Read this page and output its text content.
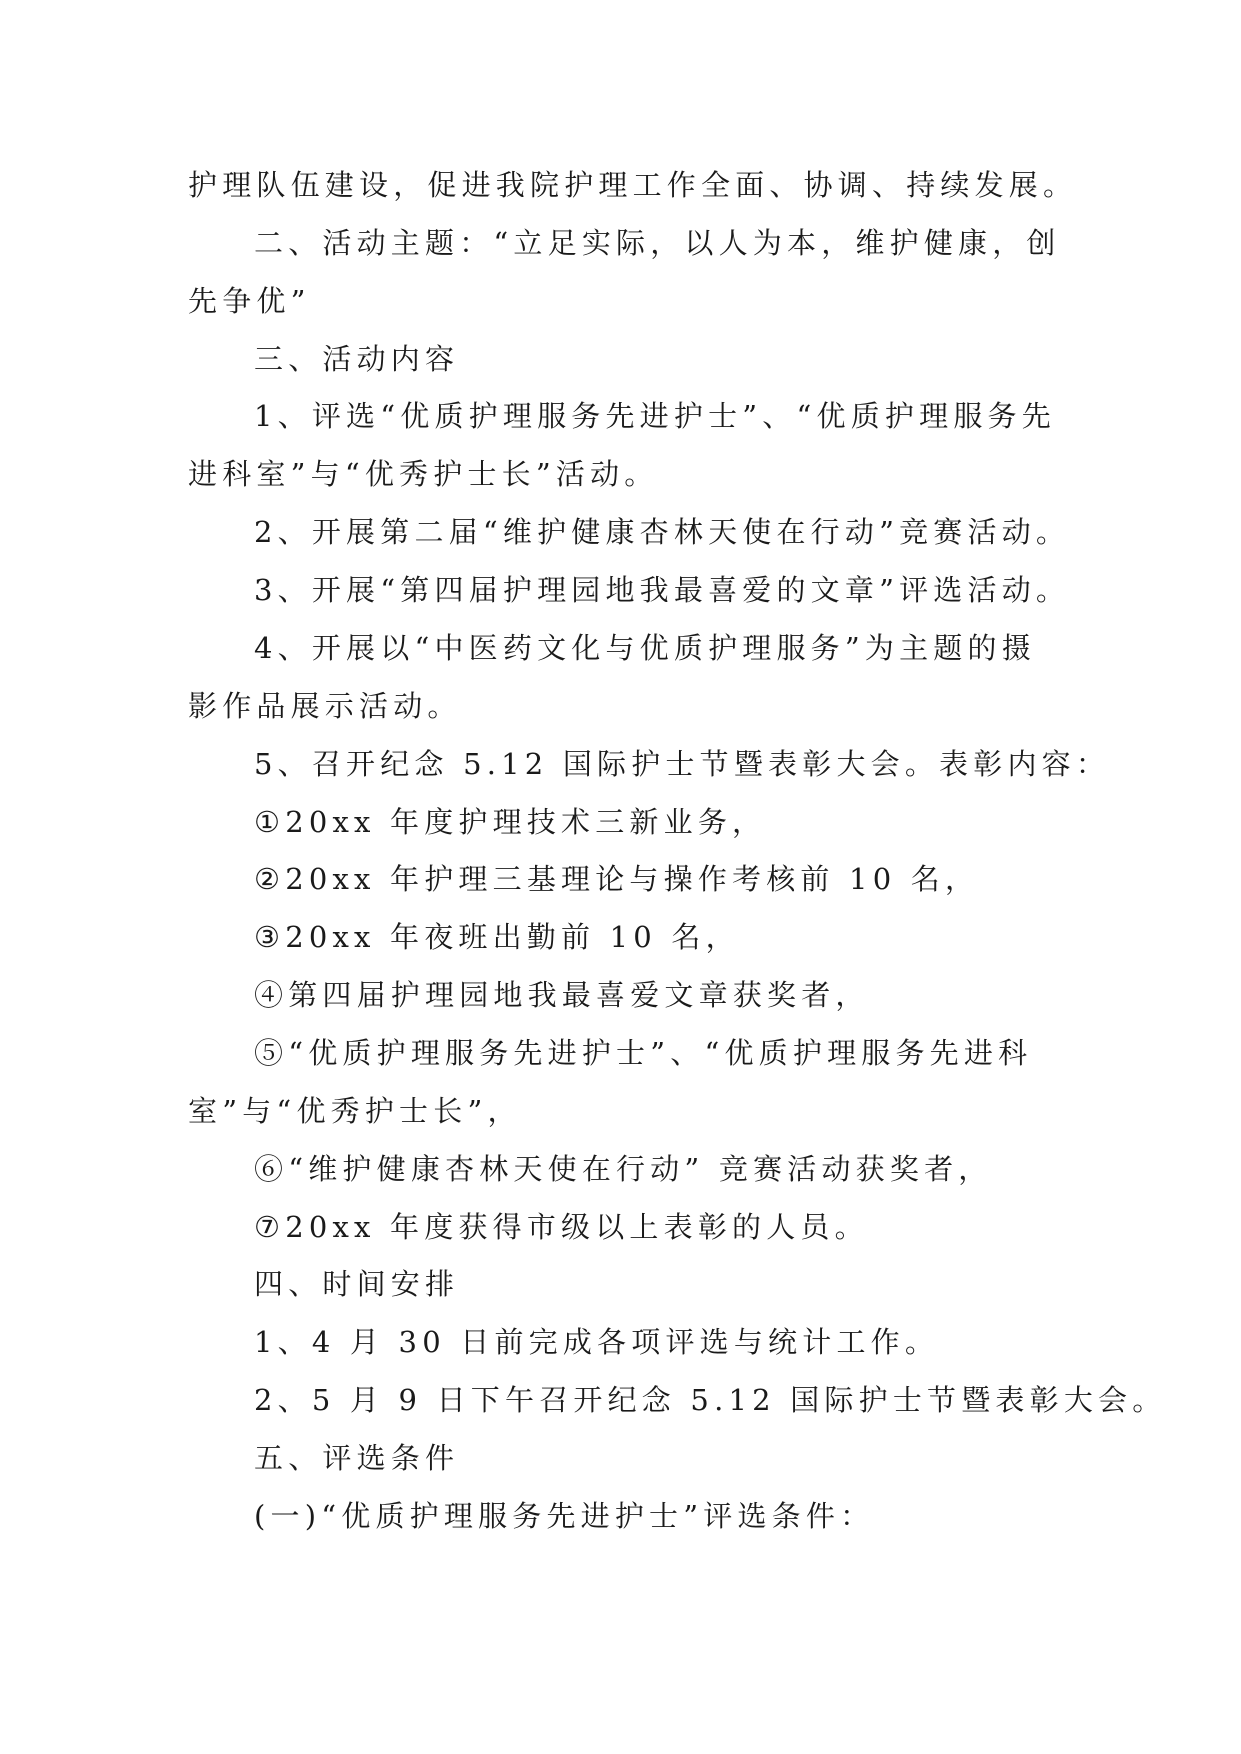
护理队伍建设，促进我院护理工作全面、协调、持续发展。
二、活动主题：“立足实际，以人为本，维护健康，创
先争优”
三、活动内容
1、评选“优质护理服务先进护士”、“优质护理服务先
进科室”与“优秀护士长”活动。
2、开展第二届“维护健康杏林天使在行动”竞赛活动。
3、开展“第四届护理园地我最喜爱的文章”评选活动。
4、开展以“中医药文化与优质护理服务”为主题的摄
影作品展示活动。
5、召开纪念 5.12 国际护士节暨表彰大会。表彰内容：
①20xx 年度护理技术三新业务，
②20xx 年护理三基理论与操作考核前 10 名，
③20xx 年夜班出勤前 10 名，
④第四届护理园地我最喜爱文章获奖者，
⑤“优质护理服务先进护士”、“优质护理服务先进科
室”与“优秀护士长”，
⑥“维护健康杏林天使在行动” 竞赛活动获奖者，
⑦20xx 年度获得市级以上表彰的人员。
四、时间安排
1、4 月 30 日前完成各项评选与统计工作。
2、5 月 9 日下午召开纪念 5.12 国际护士节暨表彰大会。
五、评选条件
(一)“优质护理服务先进护士”评选条件：
